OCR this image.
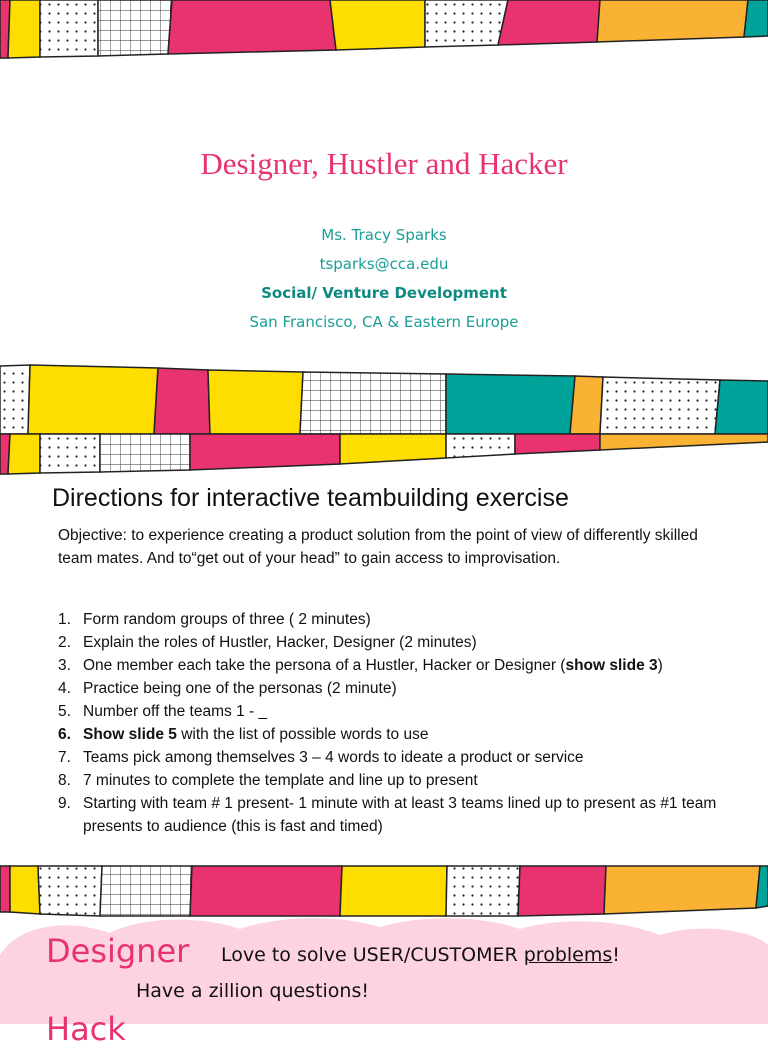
Designer, Hustler and Hacker
Ms. Tracy Sparks
tsparks@cca.edu
Social/ Venture Development
San Francisco, CA & Eastern Europe
Directions for interactive teambuilding exercise
Objective: to experience creating a product solution from the point of view of differently skilled team mates. And to“get out of your head” to gain access to improvisation.
1. Form random groups of three ( 2 minutes)
2. Explain the roles of Hustler, Hacker, Designer (2 minutes)
3. One member each take the persona of a Hustler, Hacker or Designer (show slide 3)
4. Practice being one of the personas (2 minute)
5. Number off the teams 1 - _
6. Show slide 5 with the list of possible words to use
7. Teams pick among themselves 3 – 4 words to ideate a product or service
8. 7 minutes to complete the template and line up to present
9. Starting with team # 1 present- 1 minute with at least 3 teams lined up to present as #1 team presents to audience (this is fast and timed)
Designer Love to solve USER/CUSTOMER problems!
Have a zillion questions!
Hack
